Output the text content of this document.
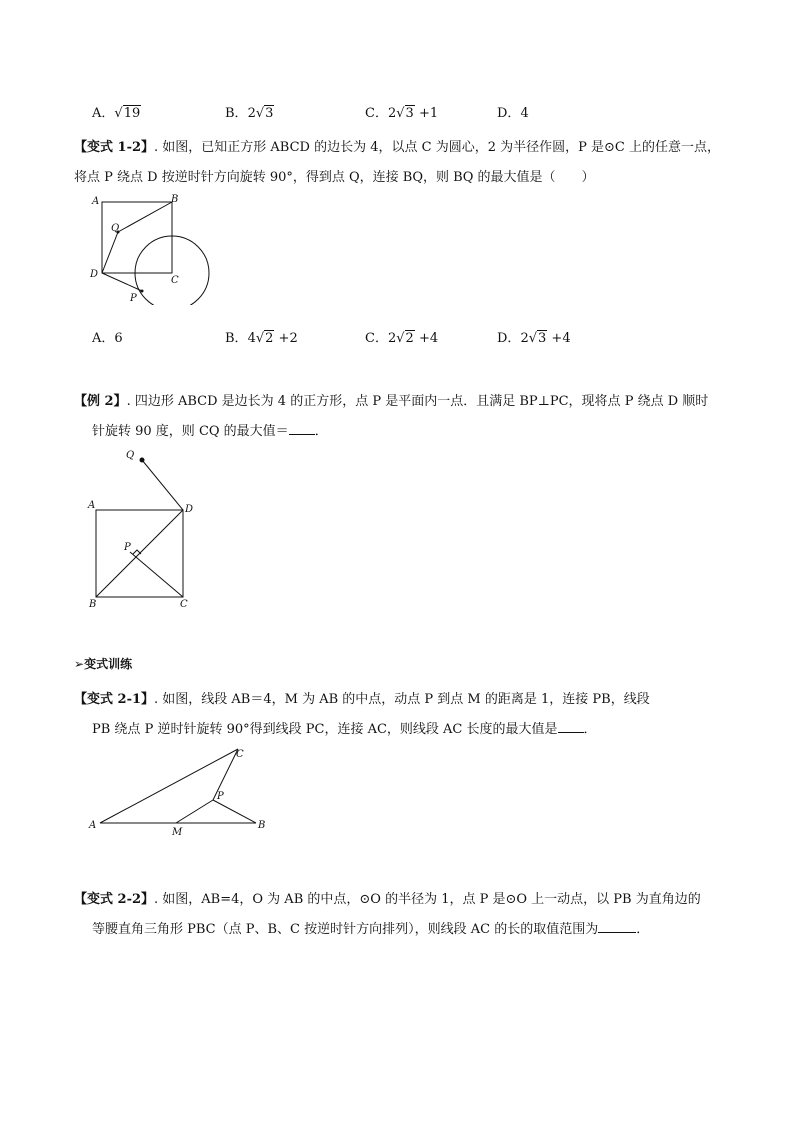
A．√19	B．2√3	C．2√3 +1	D．4
【变式 1-2】. 如图，已知正方形 ABCD 的边长为 4，以点 C 为圆心，2 为半径作圆，P 是⊙C 上的任意一点，
将点 P 绕点 D 按逆时针方向旋转 90°，得到点 Q，连接 BQ，则 BQ 的最大值是（　　）
A	B
C
D
Q
P
A．6	B．4√2 +2	C．2√2 +4	D．2√3 +4
【例 2】. 四边形 ABCD 是边长为 4 的正方形，点 P 是平面内一点．且满足 BP⊥PC，现将点 P 绕点 D 顺时
针旋转 90 度，则 CQ 的最大值＝ ．
Q
A	D
P
B	C
➢变式训练
【变式 2-1】. 如图，线段 AB＝4，M 为 AB 的中点，动点 P 到点 M 的距离是 1，连接 PB，线段
PB 绕点 P 逆时针旋转 90°得到线段 PC，连接 AC，则线段 AC 长度的最大值是 ．
A	B
C
M
P
【变式 2-2】. 如图，AB=4，O 为 AB 的中点，⊙O 的半径为 1，点 P 是⊙O 上一动点，以 PB 为直角边的
等腰直角三角形 PBC（点 P、B、C 按逆时针方向排列），则线段 AC 的长的取值范围为	．
